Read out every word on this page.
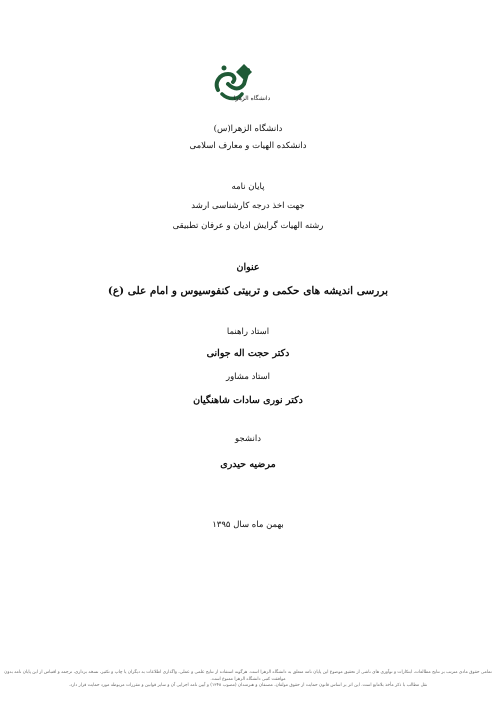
دانشگاه الزهرا
دانشگاه الزهرا(س)
دانشکده الهیات و معارف اسلامی
پایان نامه
جهت اخذ درجه کارشناسی ارشد
رشته الهیات گرایش ادیان و عرفان تطبیقی
عنوان
بررسی اندیشه های حکمی و تربیتی کنفوسیوس و امام علی (ع)
استاد راهنما
دکتر حجت اله جوانی
استاد مشاور
دکتر نوری سادات شاهنگیان
دانشجو
مرضیه حیدری
بهمن ماه سال ۱۳۹۵
تمامی حقوق مادی مترتب بر نتایج مطالعات، ابتکارات و نوآوری های ناشی از تحقیق موضوع این پایان نامه متعلق به دانشگاه الزهرا است. هرگونه استفاده از نتایج علمی و عملی، واگذاری اطلاعات به دیگران یا چاپ و تکثیر، نسخه برداری، ترجمه و اقتباس از این پایان نامه بدون موافقت کتبی دانشگاه الزهرا ممنوع است.
نقل مطالب با ذکر مأخذ بلامانع است. این اثر بر اساس قانون حمایت از حقوق مولفان، مصنفان و هنرمندان (مصوب ۱۳۴۸) و آیین نامه اجرایی آن و سایر قوانین و مقررات مربوطه مورد حمایت قرار دارد.
